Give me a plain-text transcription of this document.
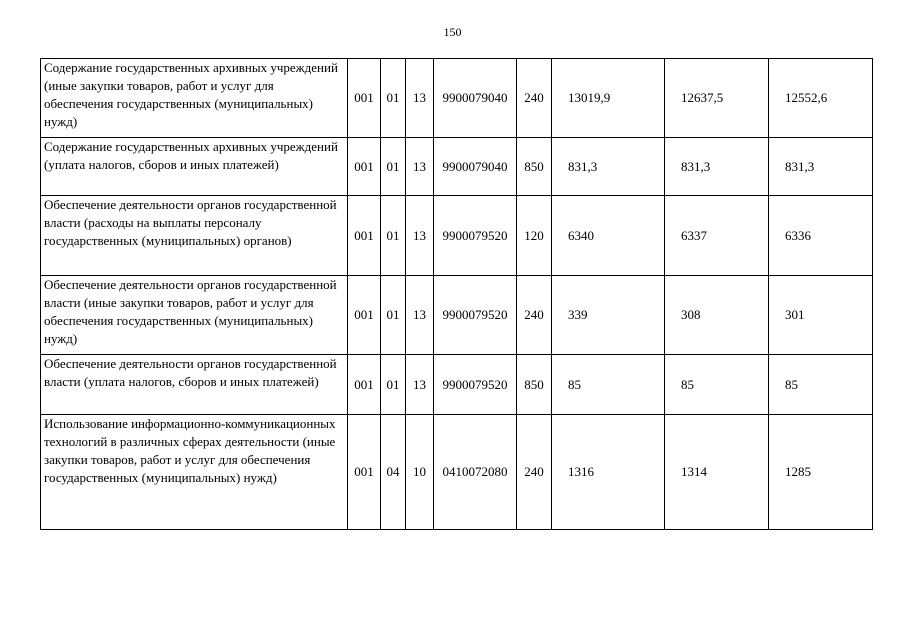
150
Содержание государственных архивных учреждений (иные закупки товаров, работ и услуг для обеспечения государственных (муниципальных) нужд)	001	01	13	9900079040	240	13019,9	12637,5	12552,6
Содержание государственных архивных учреждений (уплата налогов, сборов и иных платежей)	001	01	13	9900079040	850	831,3	831,3	831,3
Обеспечение деятельности органов государственной власти (расходы на выплаты персоналу государственных (муниципальных) органов)	001	01	13	9900079520	120	6340	6337	6336
Обеспечение деятельности органов государственной власти (иные закупки товаров, работ и услуг для обеспечения государственных (муниципальных) нужд)	001	01	13	9900079520	240	339	308	301
Обеспечение деятельности органов государственной власти (уплата налогов, сборов и иных платежей)	001	01	13	9900079520	850	85	85	85
Использование информационно-коммуникационных технологий в различных сферах деятельности (иные закупки товаров, работ и услуг для обеспечения государственных (муниципальных) нужд)	001	04	10	0410072080	240	1316	1314	1285
